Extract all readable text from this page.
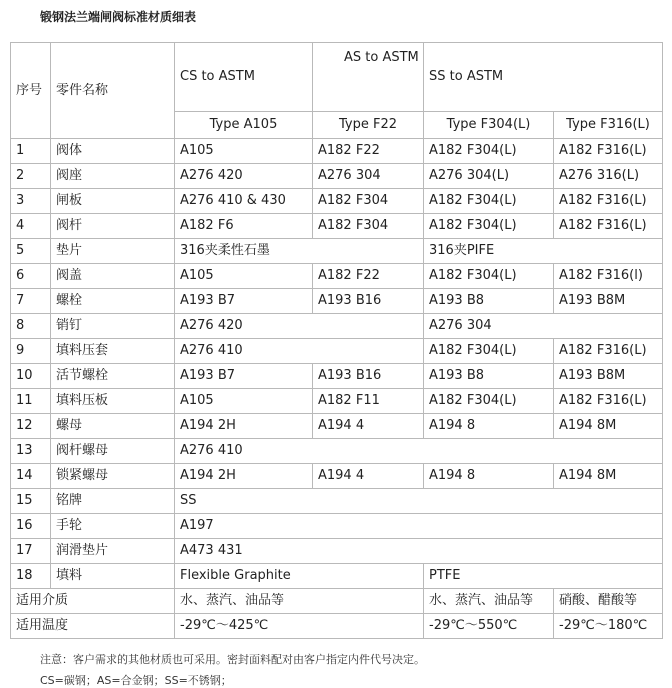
锻钢法兰端闸阀标准材质细表
序号	零件名称	CS to ASTM	AS to ASTM	SS to ASTM	
		Type A105	Type F22	Type F304(L)	Type F316(L)
1	阀体	A105	A182 F22	A182 F304(L)	A182 F316(L)
2	阀座	A276 420	A276 304	A276 304(L)	A276 316(L)
3	闸板	A276 410 & 430	A182 F304	A182 F304(L)	A182 F316(L)
4	阀杆	A182 F6	A182 F304	A182 F304(L)	A182 F316(L)
5	垫片	316夹柔性石墨		316夹PIFE	
6	阀盖	A105	A182 F22	A182 F304(L)	A182 F316(l)
7	螺栓	A193 B7	A193 B16	A193 B8	A193 B8M
8	销钉	A276 420		A276 304	
9	填料压套	A276 410		A182 F304(L)	A182 F316(L)
10	活节螺栓	A193 B7	A193 B16	A193 B8	A193 B8M
11	填料压板	A105	A182 F11	A182 F304(L)	A182 F316(L)
12	螺母	A194 2H	A194 4	A194 8	A194 8M
13	阀杆螺母	A276 410			
14	锁紧螺母	A194 2H	A194 4	A194 8	A194 8M
15	铭牌	SS			
16	手轮	A197			
17	润滑垫片	A473 431			
18	填料	Flexible Graphite		PTFE	
适用介质		水、蒸汽、油品等		水、蒸汽、油品等	硝酸、醋酸等
适用温度		-29℃～425℃		-29℃～550℃	-29℃～180℃
注意：客户需求的其他材质也可采用。密封面料配对由客户指定内件代号决定。
CS=碳钢；AS=合金钢；SS=不锈钢；
